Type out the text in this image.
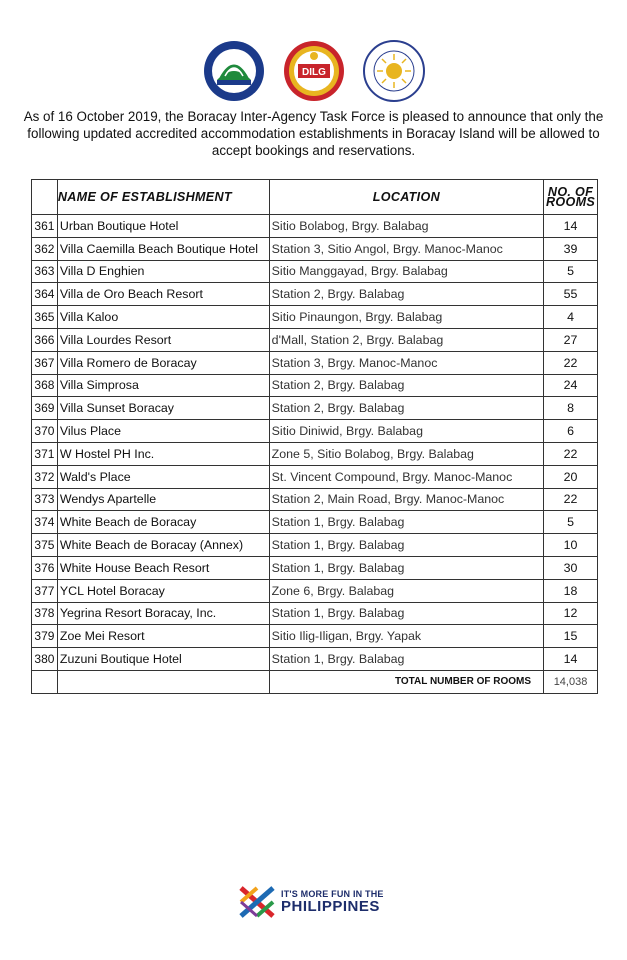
DILG
As of 16 October 2019, the Boracay Inter-Agency Task Force is pleased to announce that only the following updated accredited accommodation establishments in Boracay Island will be allowed to accept bookings and reservations.
	NAME OF ESTABLISHMENT	LOCATION	NO. OF
ROOMS

361	Urban Boutique Hotel	Sitio Bolabog, Brgy. Balabag	14
362	Villa Caemilla Beach Boutique Hotel	Station 3, Sitio Angol, Brgy. Manoc-Manoc	39
363	Villa D Enghien	Sitio Manggayad, Brgy. Balabag	5
364	Villa de Oro Beach Resort	Station 2, Brgy. Balabag	55
365	Villa Kaloo	Sitio Pinaungon, Brgy. Balabag	4
366	Villa Lourdes Resort	d'Mall, Station 2, Brgy. Balabag	27
367	Villa Romero de Boracay	Station 3, Brgy. Manoc-Manoc	22
368	Villa Simprosa	Station 2, Brgy. Balabag	24
369	Villa Sunset Boracay	Station 2, Brgy. Balabag	8
370	Vilus Place	Sitio Diniwid, Brgy. Balabag	6
371	W Hostel PH Inc.	Zone 5, Sitio Bolabog, Brgy. Balabag	22
372	Wald's Place	St. Vincent Compound, Brgy. Manoc-Manoc	20
373	Wendys Apartelle	Station 2, Main Road, Brgy. Manoc-Manoc	22
374	White Beach de Boracay	Station 1, Brgy. Balabag	5
375	White Beach de Boracay (Annex)	Station 1, Brgy. Balabag	10
376	White House Beach Resort	Station 1, Brgy. Balabag	30
377	YCL Hotel Boracay	Zone 6, Brgy. Balabag	18
378	Yegrina Resort Boracay, Inc.	Station 1, Brgy. Balabag	12
379	Zoe Mei Resort	Sitio Ilig-Iligan, Brgy. Yapak	15
380	Zuzuni Boutique Hotel	Station 1, Brgy. Balabag	14
		TOTAL NUMBER OF ROOMS	14,038
IT'S MORE FUN IN THE
PHILIPPINES
